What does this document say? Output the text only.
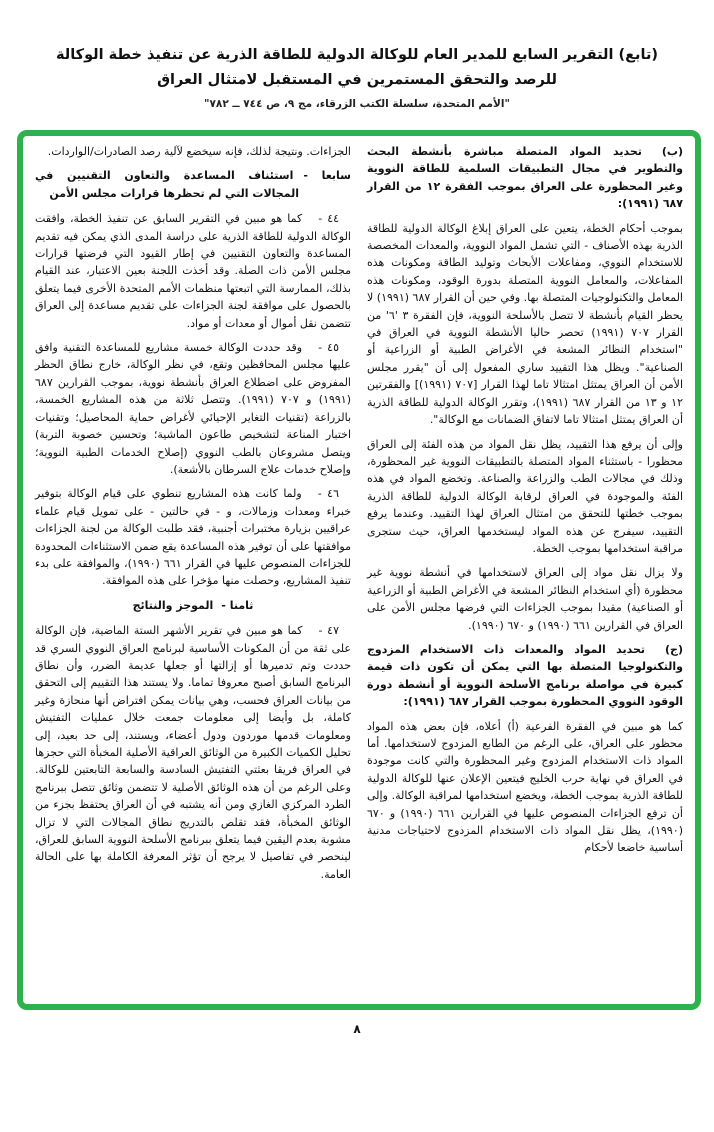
(تابع) التقرير السابع للمدير العام للوكالة الدولية للطاقة الذرية عن تنفيذ خطة الوكالة
للرصد والتحقق المستمرين في المستقبل لامتثال العراق
"الأمم المتحدة، سلسلة الكتب الزرقاء، مج ٩، ص ٧٤٤ ــ ٧٨٢"

(ب)تحديد المواد المتصلة مباشرة بأنشطة البحث والتطوير في مجال التطبيقات السلمية للطاقة النووية وغير المحظورة على العراق بموجب الفقرة ١٢ من القرار ٦٨٧ (١٩٩١):

بموجب أحكام الخطة، يتعين على العراق إبلاغ الوكالة الدولية للطاقة الذرية بهذه الأصناف - التي تشمل المواد النووية، والمعدات المخصصة للاستخدام النووي، ومفاعلات الأبحاث وتوليد الطاقة ومكونات هذه المفاعلات، والمعامل النووية المتصلة بدورة الوقود، ومكونات هذه المعامل والتكنولوجيات المتصلة بها. وفي حين أن القرار ٦٨٧ (١٩٩١) لا يحظر القيام بأنشطة لا تتصل بالأسلحة النووية، فإن الفقرة ٣ '٦' من القرار ٧٠٧ (١٩٩١) تحصر حاليا الأنشطة النووية في العراق في "استخدام النظائر المشعة في الأغراض الطبية أو الزراعية أو الصناعية". ويظل هذا التقييد ساري المفعول إلى أن "يقرر مجلس الأمن أن العراق يمتثل امتثالا تاما لهذا القرار [٧٠٧ (١٩٩١)] والفقرتين ١٢ و ١٣ من القرار ٦٨٧ (١٩٩١)، وتقرر الوكالة الدولية للطاقة الذرية أن العراق يمتثل امتثالا تاما لاتفاق الضمانات مع الوكالة".

وإلى أن يرفع هذا التقييد، يظل نقل المواد من هذه الفئة إلى العراق محظورا - باستثناء المواد المتصلة بالتطبيقات النووية غير المحظورة، وذلك في مجالات الطب والزراعة والصناعة. وتخضع المواد في هذه الفئة والموجودة في العراق لرقابة الوكالة الدولية للطاقة الذرية بموجب خطتها للتحقق من امتثال العراق لهذا التقييد. وعندما يرفع التقييد، سيفرج عن هذه المواد ليستخدمها العراق، حيث ستجرى مراقبة استخدامها بموجب الخطة.

ولا يزال نقل مواد إلى العراق لاستخدامها في أنشطة نووية غير محظورة (أي استخدام النظائر المشعة في الأغراض الطبية أو الزراعية أو الصناعية) مقيدا بموجب الجزاءات التي فرضها مجلس الأمن على العراق في القرارين ٦٦١ (١٩٩٠) و ٦٧٠ (١٩٩٠).

(ج)تحديد المواد والمعدات ذات الاستخدام المزدوج والتكنولوجيا المتصلة بها التي يمكن أن تكون ذات قيمة كبيرة في مواصلة برنامج الأسلحة النووية أو أنشطة دورة الوقود النووي المحظورة بموجب القرار ٦٨٧ (١٩٩١):

كما هو مبين في الفقرة الفرعية (أ) أعلاه، فإن بعض هذه المواد محظور على العراق، على الرغم من الطابع المزدوج لاستخدامها. أما المواد ذات الاستخدام المزدوج وغير المحظورة والتي كانت موجودة في العراق في نهاية حرب الخليج فيتعين الإعلان عنها للوكالة الدولية للطاقة الذرية بموجب الخطة، ويخضع استخدامها لمراقبة الوكالة. وإلى أن ترفع الجزاءات المنصوص عليها في القرارين ٦٦١ (١٩٩٠) و ٦٧٠ (١٩٩٠)، يظل نقل المواد ذات الاستخدام المزدوج لاحتياجات مدنية أساسية خاضعا لأحكام

الجزاءات. ونتيجة لذلك، فإنه سيخضع لآلية رصد الصادرات/الواردات.

سابعا -استئناف المساعدة والتعاون التقنيين في المجالات التي لم تحظرها قرارات مجلس الأمن

٤٤ -كما هو مبين في التقرير السابق عن تنفيذ الخطة، وافقت الوكالة الدولية للطاقة الذرية على دراسة المدى الذي يمكن فيه تقديم المساعدة والتعاون التقنيين في إطار القيود التي فرضتها قرارات مجلس الأمن ذات الصلة. وقد أخذت اللجنة بعين الاعتبار، عند القيام بذلك، الممارسة التي اتبعتها منظمات الأمم المتحدة الأخرى فيما يتعلق بالحصول على موافقة لجنة الجزاءات على تقديم مساعدة إلى العراق تتضمن نقل أموال أو معدات أو مواد.

٤٥ -وقد حددت الوكالة خمسة مشاريع للمساعدة التقنية وافق عليها مجلس المحافظين وتقع، في نظر الوكالة، خارج نطاق الحظر المفروض على اضطلاع العراق بأنشطة نووية، بموجب القرارين ٦٨٧ (١٩٩١) و ٧٠٧ (١٩٩١). وتتصل ثلاثة من هذه المشاريع الخمسة، بالزراعة (تقنيات التغاير الإحيائي لأغراض حماية المحاصيل؛ وتقنيات اختبار المناعة لتشخيص طاعون الماشية؛ وتحسين خصوبة التربة) ويتصل مشروعان بالطب النووي (إصلاح الخدمات الطبية النووية؛ وإصلاح خدمات علاج السرطان بالأشعة).

٤٦ -ولما كانت هذه المشاريع تنطوي على قيام الوكالة بتوفير خبراء ومعدات وزمالات، و - في حالتين - على تمويل قيام علماء عراقيين بزيارة مختبرات أجنبية، فقد طلبت الوكالة من لجنة الجزاءات موافقتها على أن توفير هذه المساعدة يقع ضمن الاستثناءات المحدودة للجزاءات المنصوص عليها في القرار ٦٦١ (١٩٩٠)، والموافقة على بدء تنفيذ المشاريع، وحصلت منها مؤخرا على هذه الموافقة.

ثامنا -الموجز والنتائج

٤٧ -كما هو مبين في تقرير الأشهر الستة الماضية، فإن الوكالة على ثقة من أن المكونات الأساسية لبرنامج العراق النووي السري قد حددت وتم تدميرها أو إزالتها أو جعلها عديمة الضرر، وأن نطاق البرنامج السابق أصبح معروفا تماما. ولا يستند هذا التقييم إلى التحقق من بيانات العراق فحسب، وهي بيانات يمكن افتراض أنها منحازة وغير كاملة، بل وأيضا إلى معلومات جمعت خلال عمليات التفتيش ومعلومات قدمها موردون ودول أعضاء، ويستند، إلى حد بعيد، إلى تحليل الكميات الكبيرة من الوثائق العراقية الأصلية المخبأة التي حجزها في العراق فريقا بعثتي التفتيش السادسة والسابعة التابعتين للوكالة. وعلى الرغم من أن هذه الوثائق الأصلية لا تتضمن وثائق تتصل ببرنامج الطرد المركزي الغازي ومن أنه يشتبه في أن العراق يحتفظ بجزء من الوثائق المخبأة، فقد تقلص بالتدريج نطاق المجالات التي لا تزال مشوبة بعدم اليقين فيما يتعلق ببرنامج الأسلحة النووية السابق للعراق، لينحصر في تفاصيل لا يرجح أن تؤثر المعرفة الكاملة بها على الحالة العامة.

٨
